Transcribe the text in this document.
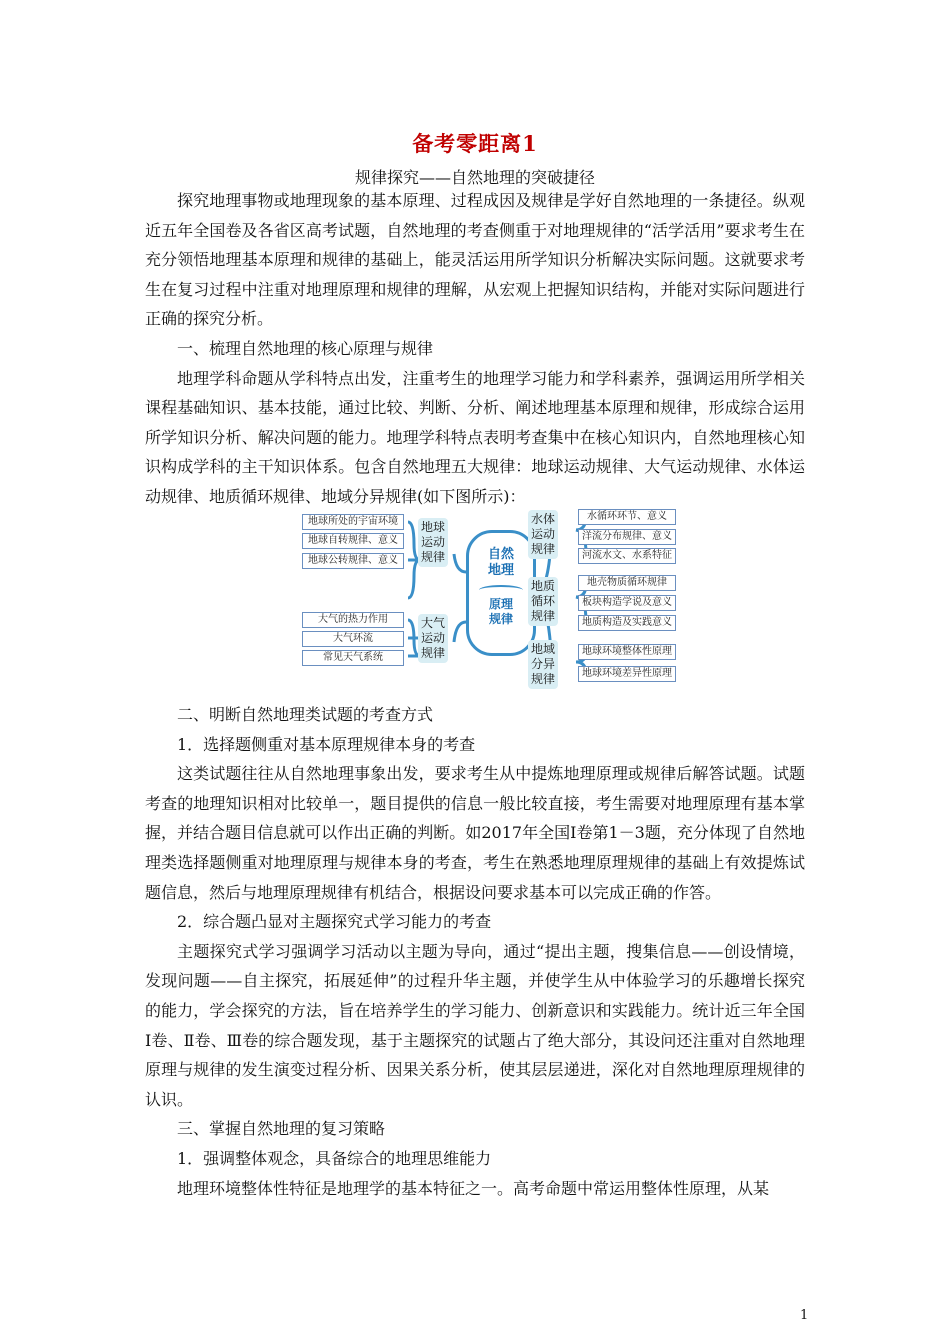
备考零距离1
规律探究——自然地理的突破捷径

探究地理事物或地理现象的基本原理、过程成因及规律是学好自然地理的一条捷径。纵观近五年全国卷及各省区高考试题，自然地理的考查侧重于对地理规律的“活学活用”要求考生在充分领悟地理基本原理和规律的基础上，能灵活运用所学知识分析解决实际问题。这就要求考生在复习过程中注重对地理原理和规律的理解，从宏观上把握知识结构，并能对实际问题进行正确的探究分析。

一、梳理自然地理的核心原理与规律

地理学科命题从学科特点出发，注重考生的地理学习能力和学科素养，强调运用所学相关课程基础知识、基本技能，通过比较、判断、分析、阐述地理基本原理和规律，形成综合运用所学知识分析、解决问题的能力。地理学科特点表明考查集中在核心知识内，自然地理核心知识构成学科的主干知识体系。包含自然地理五大规律：地球运动规律、大气运动规律、水体运动规律、地质循环规律、地域分异规律(如下图所示)：

地球所处的宇宙环境
地球自转规律、意义
地球公转规律、意义
大气的热力作用
大气环流
常见天气系统
地球
运动
规律
大气
运动
规律
自然
地理
原理
规律
水体
运动
规律
地质
循环
规律
地域
分异
规律
水循环环节、意义
洋流分布规律、意义
河流水文、水系特征
地壳物质循环规律
板块构造学说及意义
地质构造及实践意义
地球环境整体性原理
地球环境差异性原理

二、明断自然地理类试题的考查方式

1．选择题侧重对基本原理规律本身的考查

这类试题往往从自然地理事象出发，要求考生从中提炼地理原理或规律后解答试题。试题考查的地理知识相对比较单一，题目提供的信息一般比较直接，考生需要对地理原理有基本掌握，并结合题目信息就可以作出正确的判断。如2017年全国Ⅰ卷第1－3题，充分体现了自然地理类选择题侧重对地理原理与规律本身的考查，考生在熟悉地理原理规律的基础上有效提炼试题信息，然后与地理原理规律有机结合，根据设问要求基本可以完成正确的作答。

2．综合题凸显对主题探究式学习能力的考查

主题探究式学习强调学习活动以主题为导向，通过“提出主题，搜集信息——创设情境，发现问题——自主探究，拓展延伸”的过程升华主题，并使学生从中体验学习的乐趣增长探究的能力，学会探究的方法，旨在培养学生的学习能力、创新意识和实践能力。统计近三年全国Ⅰ卷、Ⅱ卷、Ⅲ卷的综合题发现，基于主题探究的试题占了绝大部分，其设问还注重对自然地理原理与规律的发生演变过程分析、因果关系分析，使其层层递进，深化对自然地理原理规律的认识。

三、掌握自然地理的复习策略

1．强调整体观念，具备综合的地理思维能力

地理环境整体性特征是地理学的基本特征之一。高考命题中常运用整体性原理，从某

1
